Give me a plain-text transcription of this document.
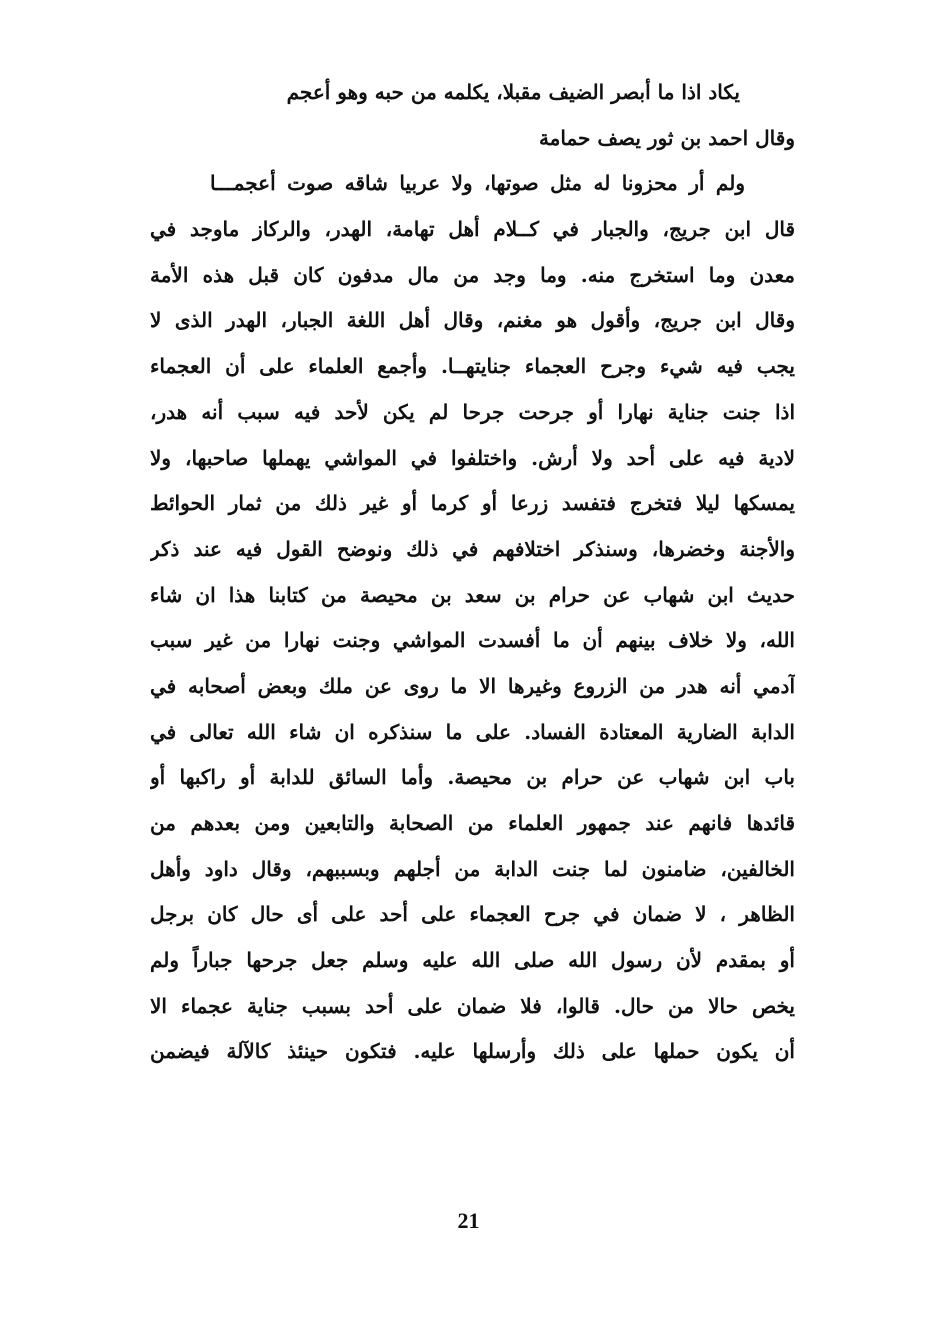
يكاد اذا ما أبصر الضيف مقبلا، يكلمه من حبه وهو أعجم
وقال احمد بن ثور يصف حمامة
ولم أر محزونا له مثل صوتها، ولا عربيا شاقه صوت أعجمـــا
قال ابن جريج، والجبار في كــلام أهل تهامة، الهدر، والركاز ماوجد في
معدن وما استخرج منه. وما وجد من مال مدفون كان قبل هذه الأمة
وقال ابن جريج، وأقول هو مغنم، وقال أهل اللغة الجبار، الهدر الذى لا
يجب فيه شيء وجرح العجماء جنايتهــا. وأجمع العلماء على أن العجماء
اذا جنت جناية نهارا أو جرحت جرحا لم يكن لأحد فيه سبب أنه هدر،
لادية فيه على أحد ولا أرش. واختلفوا في المواشي يهملها صاحبها، ولا
يمسكها ليلا فتخرج فتفسد زرعا أو كرما أو غير ذلك من ثمار الحوائط
والأجنة وخضرها، وسنذكر اختلافهم في ذلك ونوضح القول فيه عند ذكر
حديث ابن شهاب عن حرام بن سعد بن محيصة من كتابنا هذا ان شاء
الله، ولا خلاف بينهم أن ما أفسدت المواشي وجنت نهارا من غير سبب
آدمي أنه هدر من الزروع وغيرها الا ما روى عن ملك وبعض أصحابه في
الدابة الضارية المعتادة الفساد. على ما سنذكره ان شاء الله تعالى في
باب ابن شهاب عن حرام بن محيصة. وأما السائق للدابة أو راكبها أو
قائدها فانهم عند جمهور العلماء من الصحابة والتابعين ومن بعدهم من
الخالفين، ضامنون لما جنت الدابة من أجلهم وبسببهم، وقال داود وأهل
الظاهر ، لا ضمان في جرح العجماء على أحد على أى حال كان برجل
أو بمقدم لأن رسول الله صلى الله عليه وسلم جعل جرحها جباراً ولم
يخص حالا من حال. قالوا، فلا ضمان على أحد بسبب جناية عجماء الا
أن يكون حملها على ذلك وأرسلها عليه. فتكون حينئذ كالآلة فيضمن
21
